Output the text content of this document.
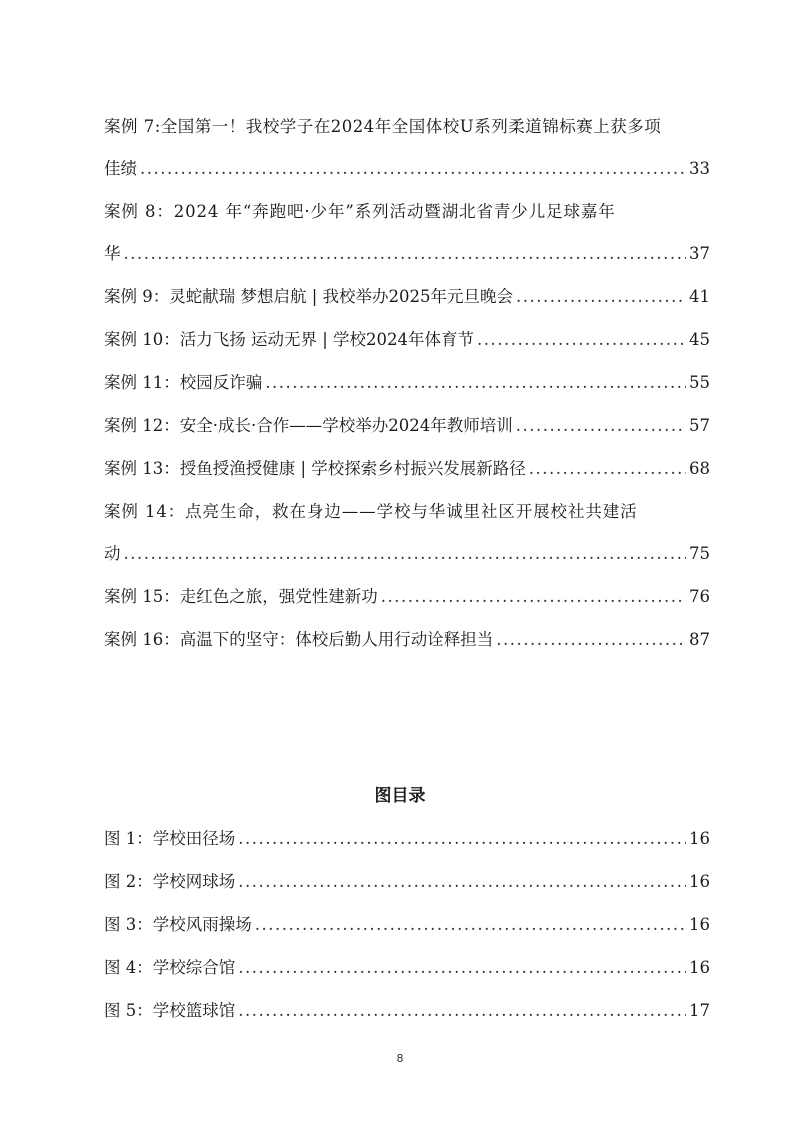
案例 7:全国第一！我校学子在2024年全国体校U系列柔道锦标赛上获多项
佳绩 .....	33
案例 8：2024 年“奔跑吧·少年”系列活动暨湖北省青少儿足球嘉年
华 .....	37
案例 9：灵蛇献瑞 梦想启航 | 我校举办2025年元旦晚会 .....	41
案例 10：活力飞扬 运动无界 | 学校2024年体育节 .....	45
案例 11：校园反诈骗 .....	55
案例 12：安全·成长·合作——学校举办2024年教师培训 .....	57
案例 13：授鱼授渔授健康 | 学校探索乡村振兴发展新路径 .....	68
案例 14：点亮生命，救在身边——学校与华诚里社区开展校社共建活
动 .....	75
案例 15：走红色之旅，强党性建新功 .....	76
案例 16：高温下的坚守：体校后勤人用行动诠释担当 .....	87
图目录
图 1：学校田径场 .....	16
图 2：学校网球场 .....	16
图 3：学校风雨操场 .....	16
图 4：学校综合馆 .....	16
图 5：学校篮球馆 .....	17
8
